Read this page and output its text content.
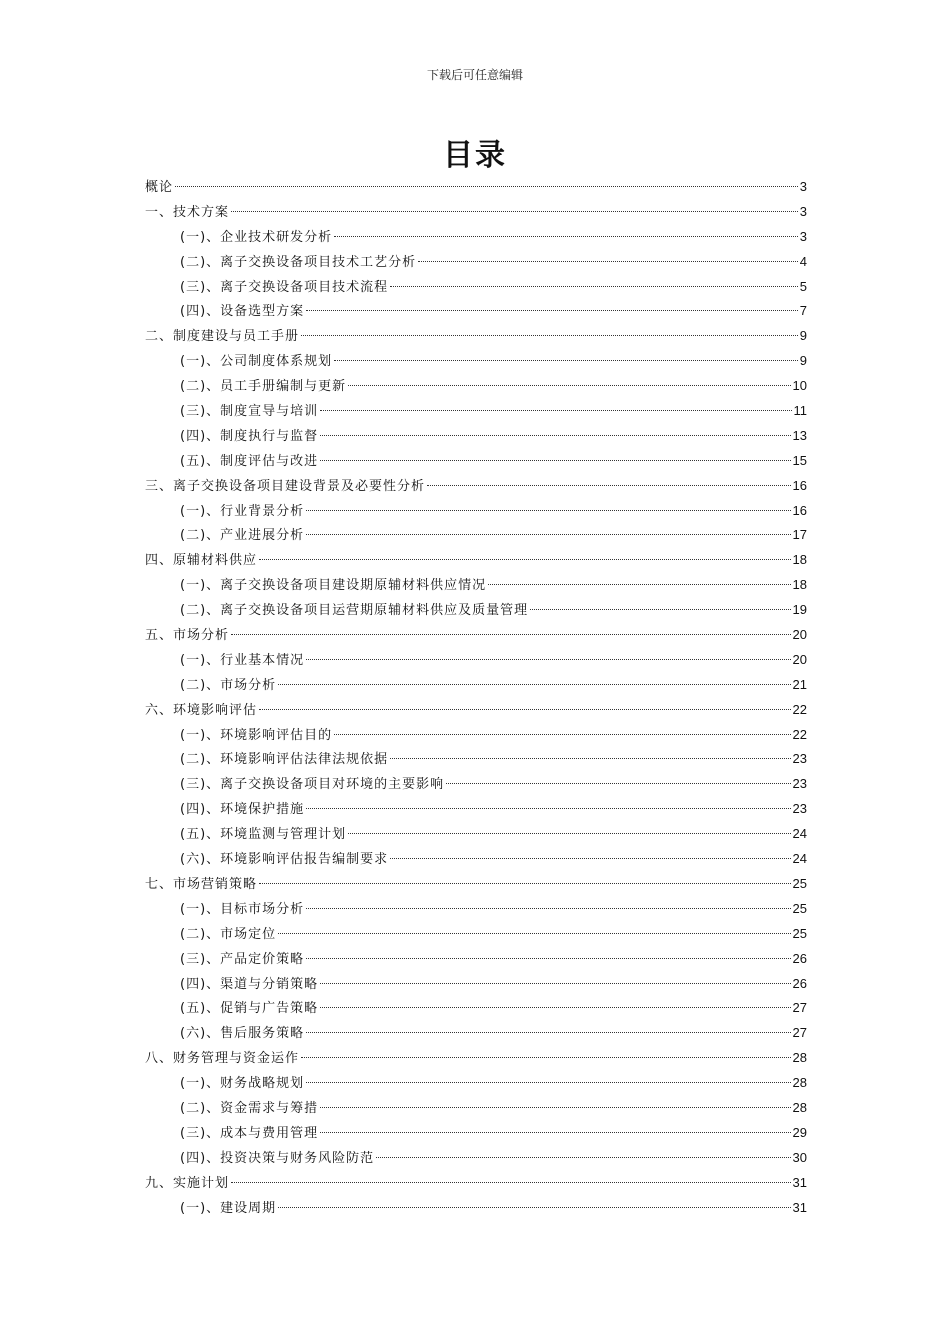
下载后可任意编辑
目录
概论	3
一、技术方案	3
(一)、企业技术研发分析	3
(二)、离子交换设备项目技术工艺分析	4
(三)、离子交换设备项目技术流程	5
(四)、设备选型方案	7
二、制度建设与员工手册	9
(一)、公司制度体系规划	9
(二)、员工手册编制与更新	10
(三)、制度宣导与培训	11
(四)、制度执行与监督	13
(五)、制度评估与改进	15
三、离子交换设备项目建设背景及必要性分析	16
(一)、行业背景分析	16
(二)、产业进展分析	17
四、原辅材料供应	18
(一)、离子交换设备项目建设期原辅材料供应情况	18
(二)、离子交换设备项目运营期原辅材料供应及质量管理	19
五、市场分析	20
(一)、行业基本情况	20
(二)、市场分析	21
六、环境影响评估	22
(一)、环境影响评估目的	22
(二)、环境影响评估法律法规依据	23
(三)、离子交换设备项目对环境的主要影响	23
(四)、环境保护措施	23
(五)、环境监测与管理计划	24
(六)、环境影响评估报告编制要求	24
七、市场营销策略	25
(一)、目标市场分析	25
(二)、市场定位	25
(三)、产品定价策略	26
(四)、渠道与分销策略	26
(五)、促销与广告策略	27
(六)、售后服务策略	27
八、财务管理与资金运作	28
(一)、财务战略规划	28
(二)、资金需求与筹措	28
(三)、成本与费用管理	29
(四)、投资决策与财务风险防范	30
九、实施计划	31
(一)、建设周期	31
